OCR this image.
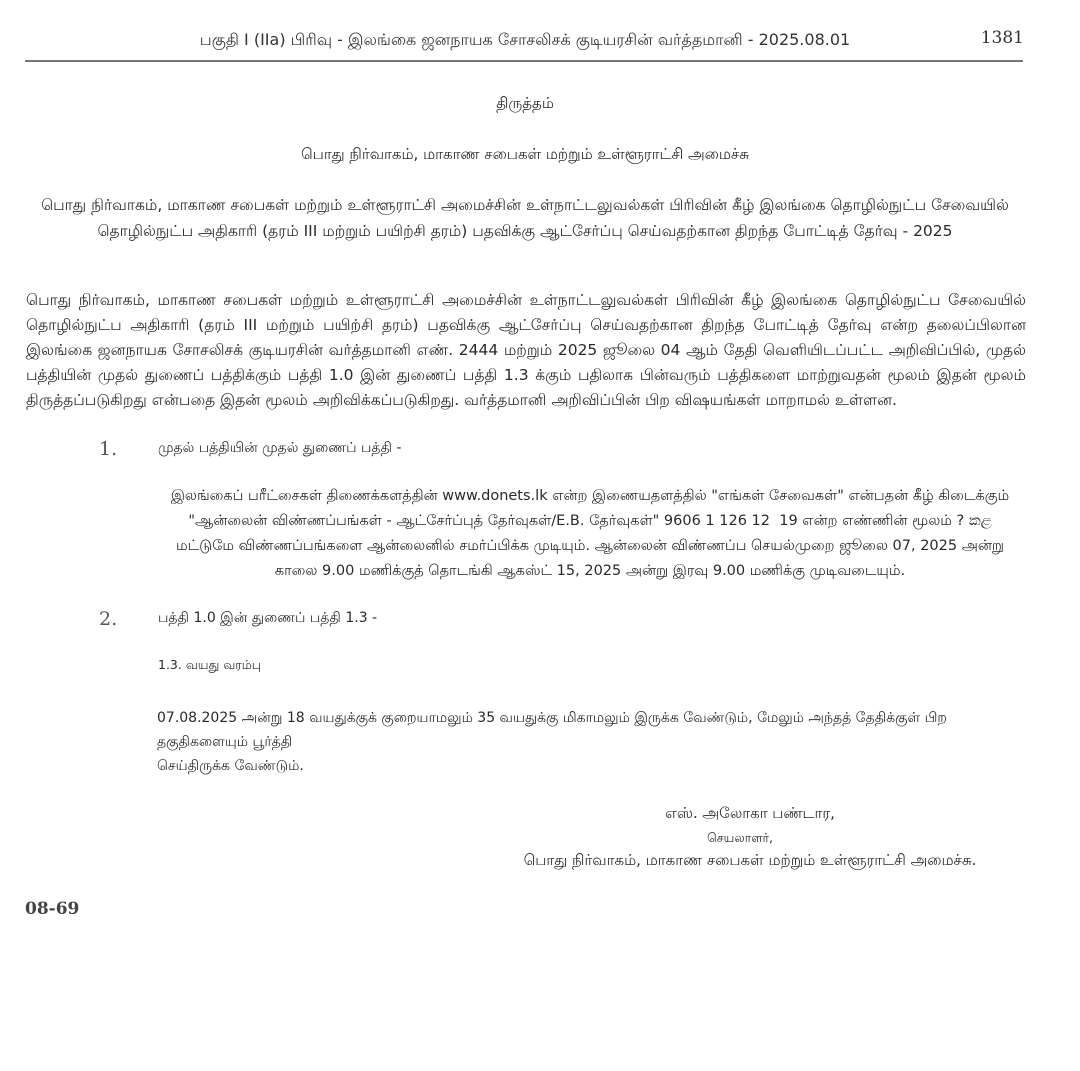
பகுதி I (IIa) பிரிவு - இலங்கை ஜனநாயக சோசலிசக் குடியரசின் வர்த்தமானி - 2025.08.01	1381
திருத்தம்
பொது நிர்வாகம், மாகாண சபைகள் மற்றும் உள்ளூராட்சி அமைச்சு
பொது நிர்வாகம், மாகாண சபைகள் மற்றும் உள்ளூராட்சி அமைச்சின் உள்நாட்டலுவல்கள் பிரிவின் கீழ் இலங்கை தொழில்நுட்ப சேவையில்
தொழில்நுட்ப அதிகாரி (தரம் III மற்றும் பயிற்சி தரம்) பதவிக்கு ஆட்சேர்ப்பு செய்வதற்கான திறந்த போட்டித் தேர்வு - 2025
பொது நிர்வாகம், மாகாண சபைகள் மற்றும் உள்ளூராட்சி அமைச்சின் உள்நாட்டலுவல்கள் பிரிவின் கீழ் இலங்கை தொழில்நுட்ப சேவையில் தொழில்நுட்ப அதிகாரி (தரம் III மற்றும் பயிற்சி தரம்) பதவிக்கு ஆட்சேர்ப்பு செய்வதற்கான திறந்த போட்டித் தேர்வு என்ற தலைப்பிலான இலங்கை ஜனநாயக சோசலிசக் குடியரசின் வர்த்தமானி எண். 2444 மற்றும் 2025 ஜூலை 04 ஆம் தேதி வெளியிடப்பட்ட அறிவிப்பில், முதல் பத்தியின் முதல் துணைப் பத்திக்கும் பத்தி 1.0 இன் துணைப் பத்தி 1.3 க்கும் பதிலாக பின்வரும் பத்திகளை மாற்றுவதன் மூலம் இதன் மூலம் திருத்தப்படுகிறது என்பதை இதன் மூலம் அறிவிக்கப்படுகிறது. வர்த்தமானி அறிவிப்பின் பிற விஷயங்கள் மாறாமல் உள்ளன.
1.	முதல் பத்தியின் முதல் துணைப் பத்தி -
இலங்கைப் பரீட்சைகள் திணைக்களத்தின் www.donets.lk என்ற இணையதளத்தில் "எங்கள் சேவைகள்" என்பதன் கீழ் கிடைக்கும்
"ஆன்லைன் விண்ணப்பங்கள் - ஆட்சேர்ப்புத் தேர்வுகள்/E.B. தேர்வுகள்" 9606 1 126 12 ￳ 19 என்ற எண்ணின் மூலம் ? කළ
மட்டுமே விண்ணப்பங்களை ஆன்லைனில் சமர்ப்பிக்க முடியும். ஆன்லைன் விண்ணப்ப செயல்முறை ஜூலை 07, 2025 அன்று
காலை 9.00 மணிக்குத் தொடங்கி ஆகஸ்ட் 15, 2025 அன்று இரவு 9.00 மணிக்கு முடிவடையும்.
2.	பத்தி 1.0 இன் துணைப் பத்தி 1.3 -
1.3. வயது வரம்பு
07.08.2025 அன்று 18 வயதுக்குக் குறையாமலும் 35 வயதுக்கு மிகாமலும் இருக்க வேண்டும், மேலும் அந்தத் தேதிக்குள் பிற தகுதிகளையும் பூர்த்தி
செய்திருக்க வேண்டும்.
எஸ். அலோகா பண்டார,
செயலாளர்,
பொது நிர்வாகம், மாகாண சபைகள் மற்றும் உள்ளூராட்சி அமைச்சு.
08-69
